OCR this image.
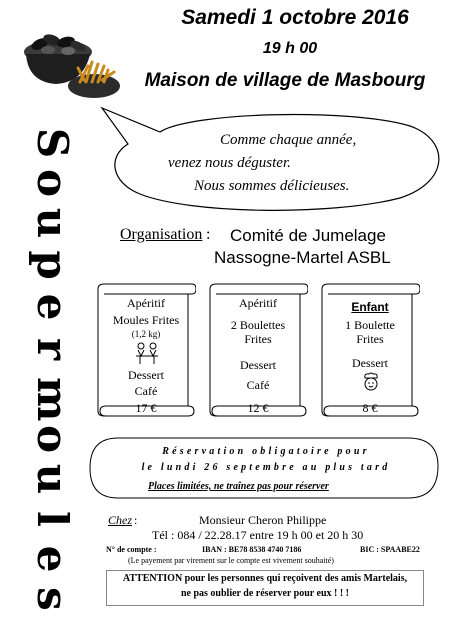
Samedi 1 octobre 2016
19 h 00
Maison de village de Masbourg
Comme chaque année,
venez nous déguster.
Nous sommes délicieuses.
S
o
u
p
e
r
m
o
u
l
e
s
Organisation : Comité de Jumelage
Nassogne-Martel ASBL
Apéritif
Moules Frites
(1,2 kg)
Dessert
Café
17 €
Apéritif
2 Boulettes
Frites
Dessert
Café
12 €
Enfant
1 Boulette
Frites
Dessert
8 €
Réservation obligatoire pour
le lundi 26 septembre au plus tard
Places limitées, ne traînez pas pour réserver
Chez :	Monsieur Cheron Philippe
Tél : 084 / 22.28.17 entre 19 h 00 et 20 h 30
N° de compte :	IBAN : BE78 8538 4740 7186	BIC : SPAABE22
(Le payement par virement sur le compte est vivement souhaité)
ATTENTION pour les personnes qui reçoivent des amis Martelais,
ne pas oublier de réserver pour eux ! ! !
